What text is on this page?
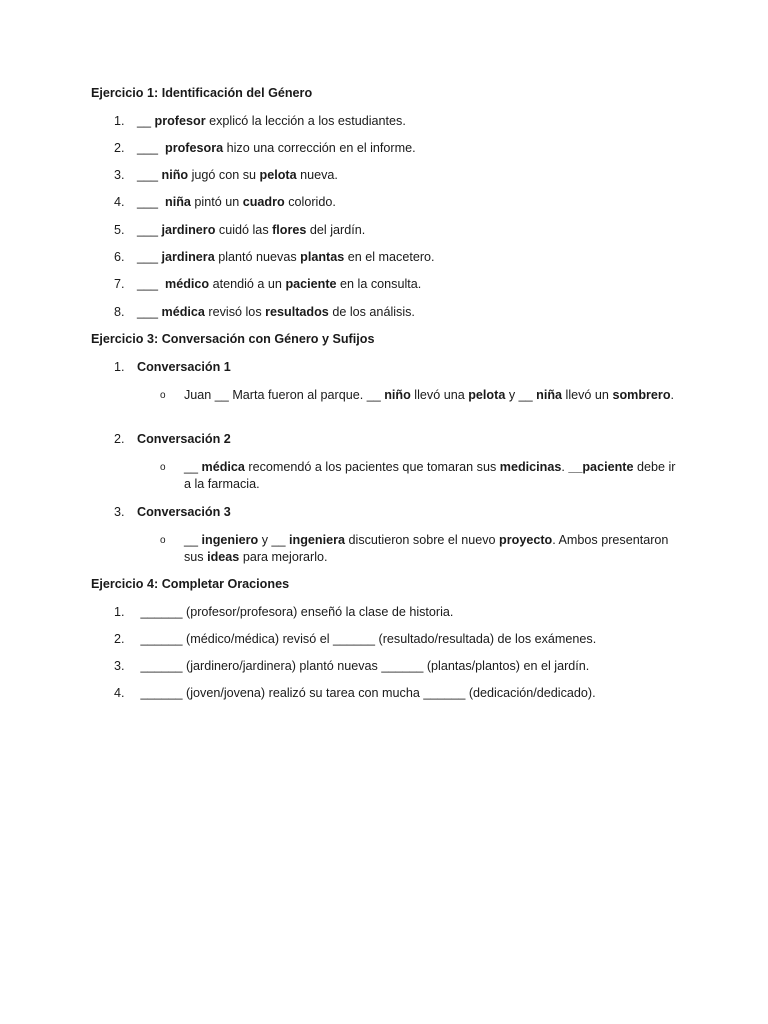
Ejercicio 1: Identificación del Género
1. __ profesor explicó la lección a los estudiantes.
2. ___  profesora hizo una corrección en el informe.
3. ___ niño jugó con su pelota nueva.
4. ___  niña pintó un cuadro colorido.
5. ___ jardinero cuidó las flores del jardín.
6. ___ jardinera plantó nuevas plantas en el macetero.
7. ___  médico atendió a un paciente en la consulta.
8. ___ médica revisó los resultados de los análisis.
Ejercicio 3: Conversación con Género y Sufijos
1. Conversación 1
o Juan __ Marta fueron al parque. __ niño llevó una pelota y __ niña llevó un sombrero.
2. Conversación 2
o __ médica recomendó a los pacientes que tomaran sus medicinas. __paciente debe ir a la farmacia.
3. Conversación 3
o __ ingeniero y __ ingeniera discutieron sobre el nuevo proyecto. Ambos presentaron sus ideas para mejorarlo.
Ejercicio 4: Completar Oraciones
1. ______ (profesor/profesora) enseñó la clase de historia.
2. ______ (médico/médica) revisó el ______ (resultado/resultada) de los exámenes.
3. ______ (jardinero/jardinera) plantó nuevas ______ (plantas/plantos) en el jardín.
4. ______ (joven/jovena) realizó su tarea con mucha ______ (dedicación/dedicado).
